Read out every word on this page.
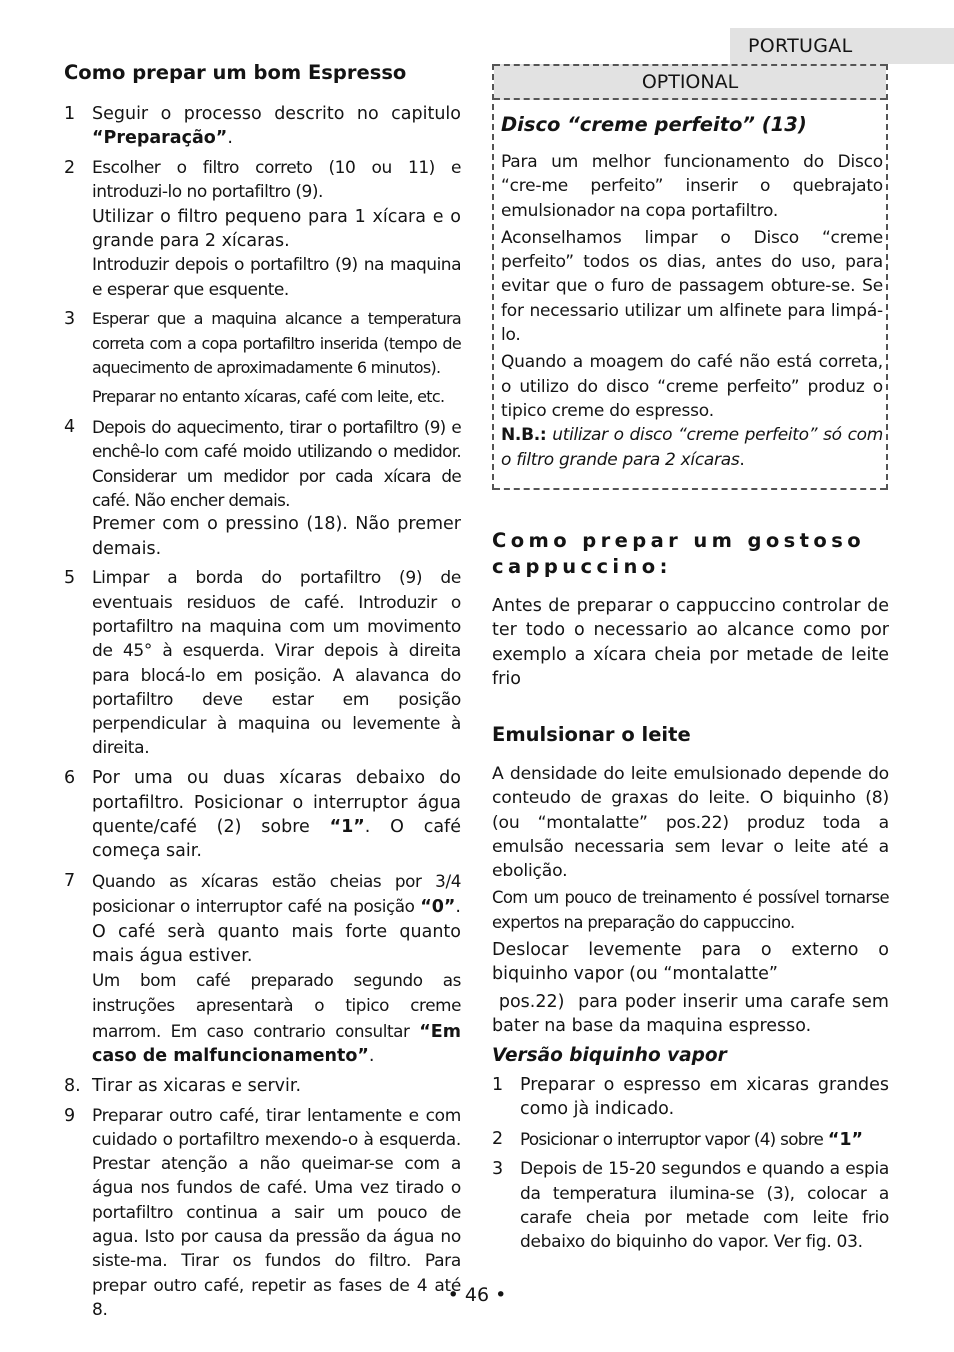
PORTUGAL
Como prepar um bom Espresso
1 Seguir o processo descrito no capitulo “Preparação”.
2 Escolher o filtro correto (10 ou 11) e introduzi-lo no portafiltro (9).
Utilizar o filtro pequeno para 1 xícara e o grande para 2 xícaras.
Introduzir depois o portafiltro (9) na maquina e esperar que esquente.
3 Esperar que a maquina alcance a temperatura correta com a copa portafiltro inserida (tempo de aquecimento de aproximadamente 6 minutos).
Preparar no entanto xícaras, café com leite, etc.
4 Depois do aquecimento, tirar o portafiltro (9) e enchê-lo com café moido utilizando o medidor. Considerar um medidor por cada xícara de café. Não encher demais.
Premer com o pressino (18). Não premer demais.
5 Limpar a borda do portafiltro (9) de eventuais residuos de café. Introduzir o portafiltro na maquina com um movimento de 45° à esquerda. Virar depois à direita para blocá-lo em posição. A alavanca do portafiltro deve estar em posição perpendicular à maquina ou levemente à direita.
6 Por uma ou duas xícaras debaixo do portafiltro. Posicionar o interruptor água quente/café (2) sobre “1”. O café começa sair.
7 Quando as xícaras estão cheias por 3/4 posicionar o interruptor café na posição “0”. O café serà quanto mais forte quanto mais água estiver.
Um bom café preparado segundo as instruções apresentarà o tipico creme marrom. Em caso contrario consultar “Em caso de malfuncionamento”.
8. Tirar as xicaras e servir.
9 Preparar outro café, tirar lentamente e com cuidado o portafiltro mexendo-o à esquerda. Prestar atenção a não queimar-se com a água nos fundos de café. Uma vez tirado o portafiltro continua a sair um pouco de agua. Isto por causa da pressão da água no siste-ma. Tirar os fundos do filtro. Para prepar outro café, repetir as fases de 4 até 8.
OPTIONAL
Disco “creme perfeito” (13)

Para um melhor funcionamento do Disco “cre-me perfeito” inserir o quebrajato emulsionador na copa portafiltro.

Aconselhamos limpar o Disco “creme perfeito” todos os dias, antes do uso, para evitar que o furo de passagem obture-se. Se for necessario utilizar um alfinete para limpá-lo.

Quando a moagem do café não está correta, o utilizo do disco “creme perfeito” produz o tipico creme do espresso.

N.B.: utilizar o disco “creme perfeito” só com o filtro grande para 2 xícaras.

Como prepar um gostoso cappuccino:

Antes de preparar o cappuccino controlar de ter todo o necessario ao alcance como por exemplo a xícara cheia por metade de leite frio

Emulsionar o leite

A densidade do leite emulsionado depende do conteudo de graxas do leite. O biquinho (8) (ou “montalatte” pos.22) produz toda a emulsão necessaria sem levar o leite até a ebolição.

Com um pouco de treinamento é possível tornarse expertos na preparação do cappuccino.

Deslocar levemente para o externo o biquinho vapor (ou “montalatte”

pos.22)  para poder inserir uma carafe sem bater na base da maquina espresso.

Versão biquinho vapor
1 Preparar o espresso em xicaras grandes como jà indicado.
2 Posicionar o interruptor vapor (4) sobre “1”
3 Depois de 15-20 segundos e quando a espia da temperatura ilumina-se (3), colocar a carafe cheia por metade com leite frio debaixo do biquinho do vapor. Ver fig. 03.
• 46 •
